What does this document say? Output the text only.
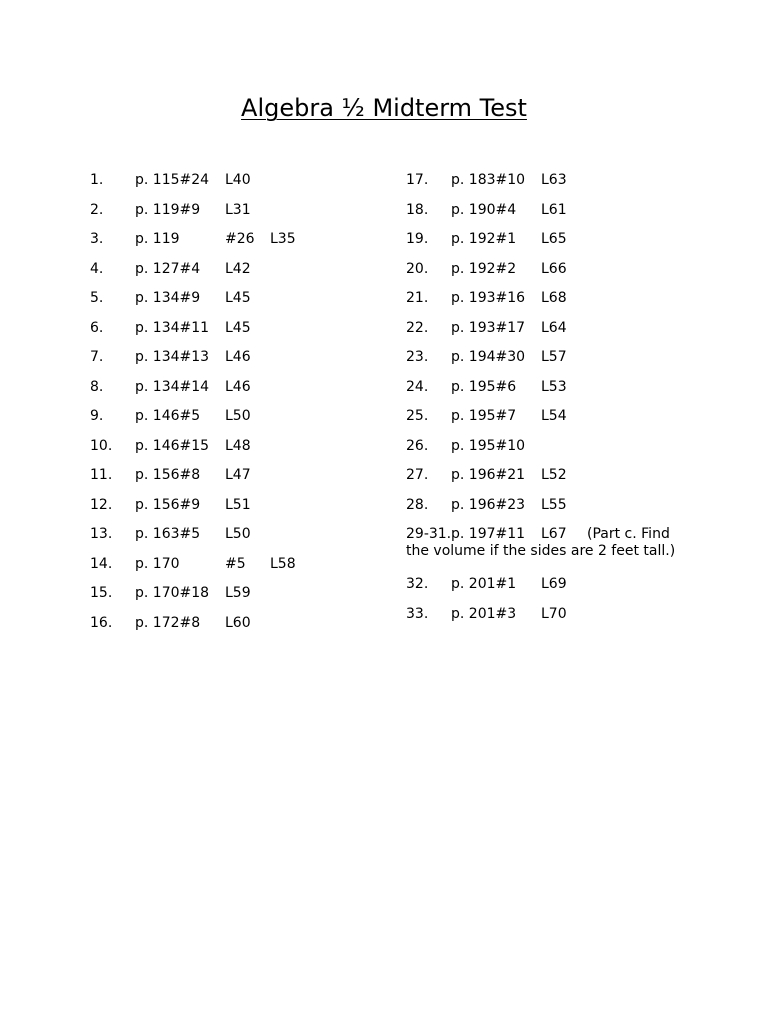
Algebra ½ Midterm Test
1. p. 115#24 L40
2. p. 119#9 L31
3. p. 119	#26 L35
4. p. 127#4 L42
5. p. 134#9 L45
6. p. 134#11 L45
7. p. 134#13 L46
8. p. 134#14 L46
9. p. 146#5 L50
10. p. 146#15 L48
11. p. 156#8 L47
12. p. 156#9 L51
13. p. 163#5 L50
14. p. 170	#5 L58
15. p. 170#18 L59
16. p. 172#8 L60
17. p. 183#10 L63
18. p. 190#4 L61
19. p. 192#1 L65
20. p. 192#2 L66
21. p. 193#16 L68
22. p. 193#17 L64
23. p. 194#30 L57
24. p. 195#6 L53
25. p. 195#7 L54
26. p. 195#10
27. p. 196#21 L52
28. p. 196#23 L55
29-31. p. 197#11 L67 (Part c. Find
the volume if the sides are 2 feet tall.)
32. p. 201#1 L69
33. p. 201#3 L70
